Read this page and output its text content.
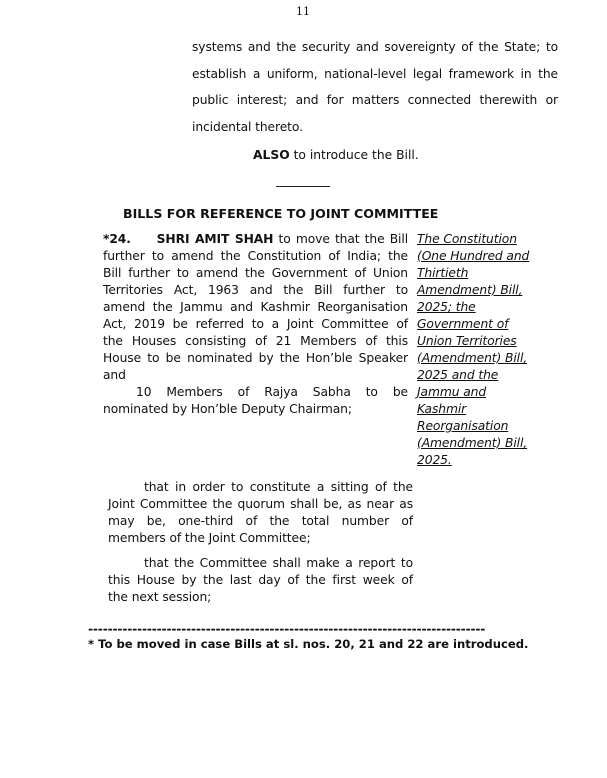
11
systems and the security and sovereignty of the State; to
establish a uniform, national-level legal framework in the
public interest; and for matters connected therewith or
incidental thereto.
ALSO to introduce the Bill.
BILLS FOR REFERENCE TO JOINT COMMITTEE
*24. SHRI AMIT SHAH to move that the Bill
further to amend the Constitution of India; the
Bill further to amend the Government of Union
Territories Act, 1963 and the Bill further to
amend the Jammu and Kashmir Reorganisation
Act, 2019 be referred to a Joint Committee of
the Houses consisting of 21 Members of this
House to be nominated by the Hon’ble Speaker
and
10 Members of Rajya Sabha to be
nominated by Hon’ble Deputy Chairman;
The Constitution
(One Hundred and
Thirtieth
Amendment) Bill,
2025; the
Government of
Union Territories
(Amendment) Bill,
2025 and the
Jammu and
Kashmir
Reorganisation
(Amendment) Bill,
2025.
that in order to constitute a sitting of the
Joint Committee the quorum shall be, as near as
may be, one-third of the total number of
members of the Joint Committee;
that the Committee shall make a report to
this House by the last day of the first week of
the next session;
---------------------------------------------------------------------------------
* To be moved in case Bills at sl. nos. 20, 21 and 22 are introduced.
